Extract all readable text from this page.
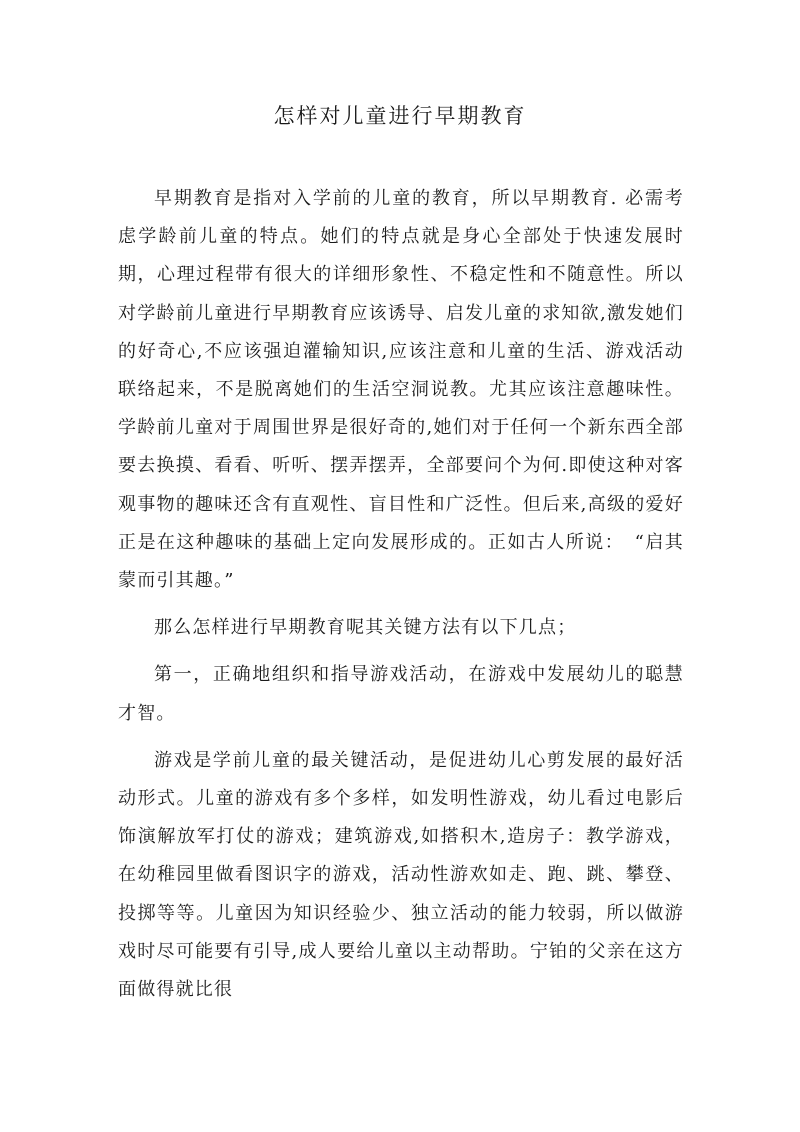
怎样对儿童进行早期教育

早期教育是指对入学前的儿童的教育，所以早期教育. 必需考虑学龄前儿童的特点。她们的特点就是身心全部处于快速发展时期，心理过程带有很大的详细形象性、不稳定性和不随意性。所以对学龄前儿童进行早期教育应该诱导、启发儿童的求知欲,激发她们的好奇心,不应该强迫灌输知识,应该注意和儿童的生活、游戏活动联络起来，不是脱离她们的生活空洞说教。尤其应该注意趣味性。学龄前儿童对于周围世界是很好奇的,她们对于任何一个新东西全部要去换摸、看看、听听、摆弄摆弄，全部要问个为何.即使这种对客观事物的趣味还含有直观性、盲目性和广泛性。但后来,高级的爱好正是在这种趣味的基础上定向发展形成的。正如古人所说：　“启其蒙而引其趣。”

那么怎样进行早期教育呢其关键方法有以下几点；

第一，正确地组织和指导游戏活动，在游戏中发展幼儿的聪慧才智。

游戏是学前儿童的最关键活动，是促进幼儿心剪发展的最好活动形式。儿童的游戏有多个多样，如发明性游戏，幼儿看过电影后饰演解放军打仗的游戏；建筑游戏,如搭积木,造房子：教学游戏，在幼稚园里做看图识字的游戏，活动性游欢如走、跑、跳、攀登、投掷等等。儿童因为知识经验少、独立活动的能力较弱，所以做游戏时尽可能要有引导,成人要给儿童以主动帮助。宁铂的父亲在这方面做得就比很
